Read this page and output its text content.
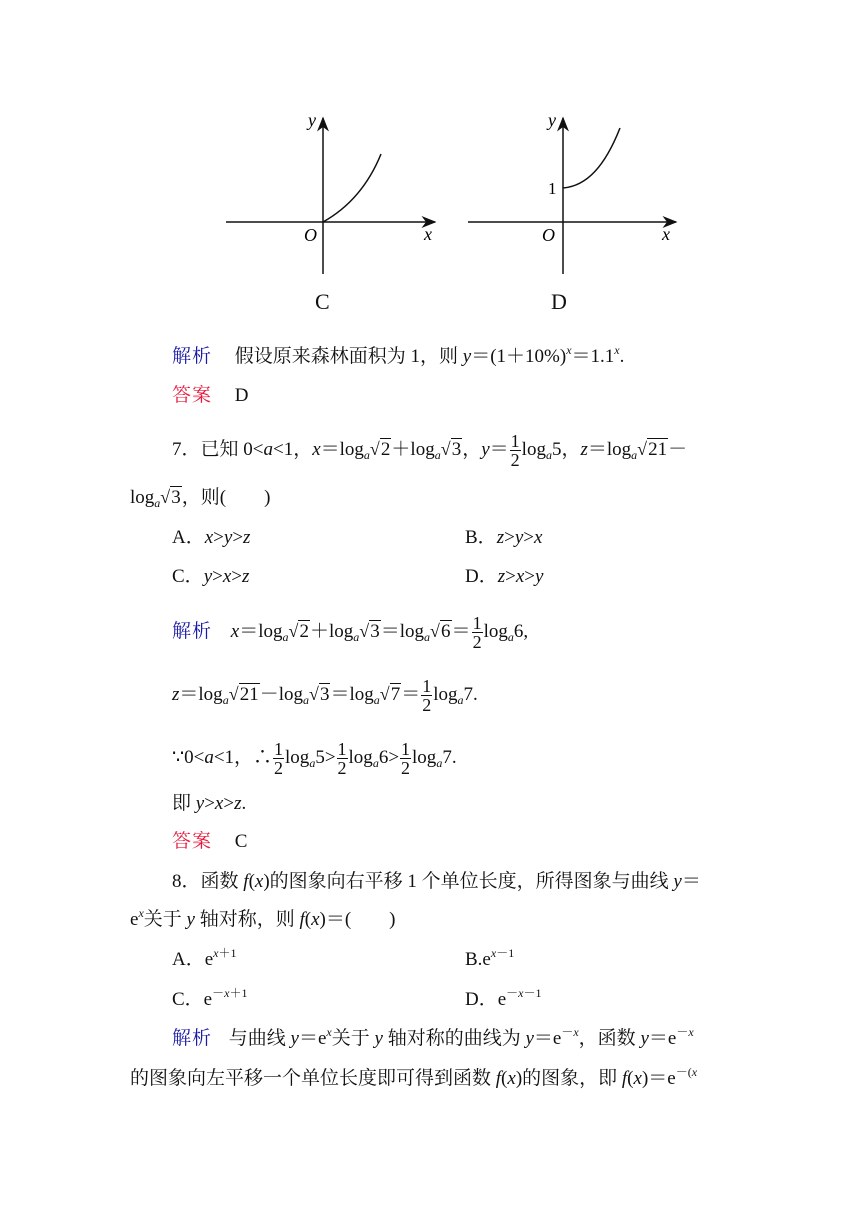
y
x
O
C
y
x
O
1
D
解析 假设原来森林面积为 1，则 $y=(1+10\%)^x=1.1^x$.
答案 D
7．已知 0<a<1，$x=\log_a√$ $2+\log_a√$ 3，$y= \frac{1}{2} \log_a5$，$z=\log_a√$ 21－
$\log_a√$ 3，则(　　)
A．x>y>z	B．z>y>x
C．y>x>z	D．z>x>y
解析 $x=\log_a√$ $2+\log_a√$ $3=\log_a√$ $6= \frac{1}{2} \log_a6$,
$z=\log_a√$ $21-\log_a√$ $3=\log_a√$ $7= \frac{1}{2} \log_a7$.
∵0<a<1，∴ $\frac{1}{2} \log_a5> \frac{1}{2} \log_a6> \frac{1}{2} \log_a7$.
即 y>x>z.
答案 C
8．函数 f(x)的图象向右平移 1 个单位长度，所得图象与曲线 y＝
$e^x$关于 y 轴对称，则 f(x)＝(　　)
A．$e^{x+1}$	$B.e^{x-1}$
C．$e^{-x+1}$	D．$e^{-x-1}$
解析 与曲线 $y=e^x$关于 y 轴对称的曲线为 $y=e^{-x}$，函数 $y=e^{-x}$
的图象向左平移一个单位长度即可得到函数 f(x)的图象，即 $f(x)=e^{-(x}$
